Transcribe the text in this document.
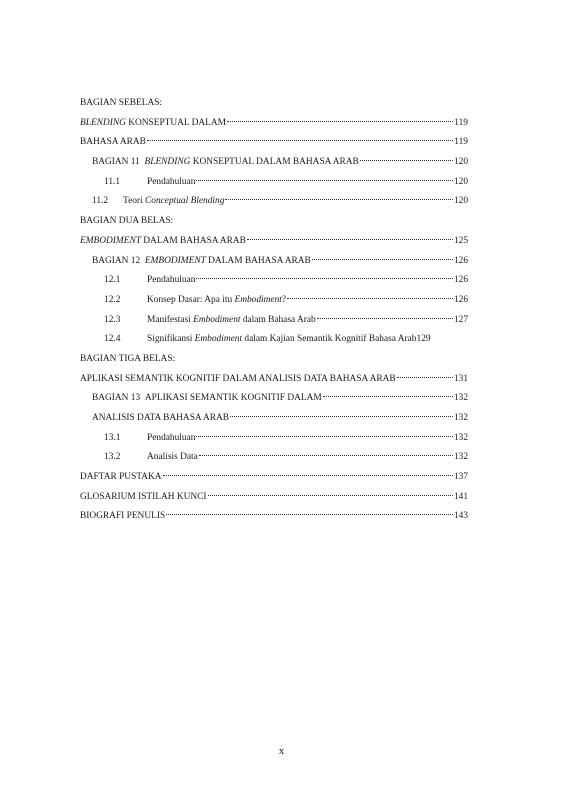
BAGIAN SEBELAS:
BLENDING KONSEPTUAL DALAM	119
BAHASA ARAB	119
BAGIAN 11 BLENDING KONSEPTUAL DALAM BAHASA ARAB	120
11.1	Pendahuluan	120
11.2	Teori Conceptual Blending	120
BAGIAN DUA BELAS:
EMBODIMENT DALAM BAHASA ARAB	125
BAGIAN 12 EMBODIMENT DALAM BAHASA ARAB	126
12.1	Pendahuluan	126
12.2	Konsep Dasar: Apa itu Embodiment?	126
12.3	Manifestasi Embodiment dalam Bahasa Arab	127
12.4	Signifikansi Embodiment dalam Kajian Semantik Kognitif Bahasa Arab 129
BAGIAN TIGA BELAS:
APLIKASI SEMANTIK KOGNITIF DALAM ANALISIS DATA BAHASA ARAB	131
BAGIAN 13 APLIKASI SEMANTIK KOGNITIF DALAM	132
ANALISIS DATA BAHASA ARAB	132
13.1	Pendahuluan	132
13.2	Analisis Data	132
DAFTAR PUSTAKA	137
GLOSARIUM ISTILAH KUNCI	141
BIOGRAFI PENULIS	143
x
